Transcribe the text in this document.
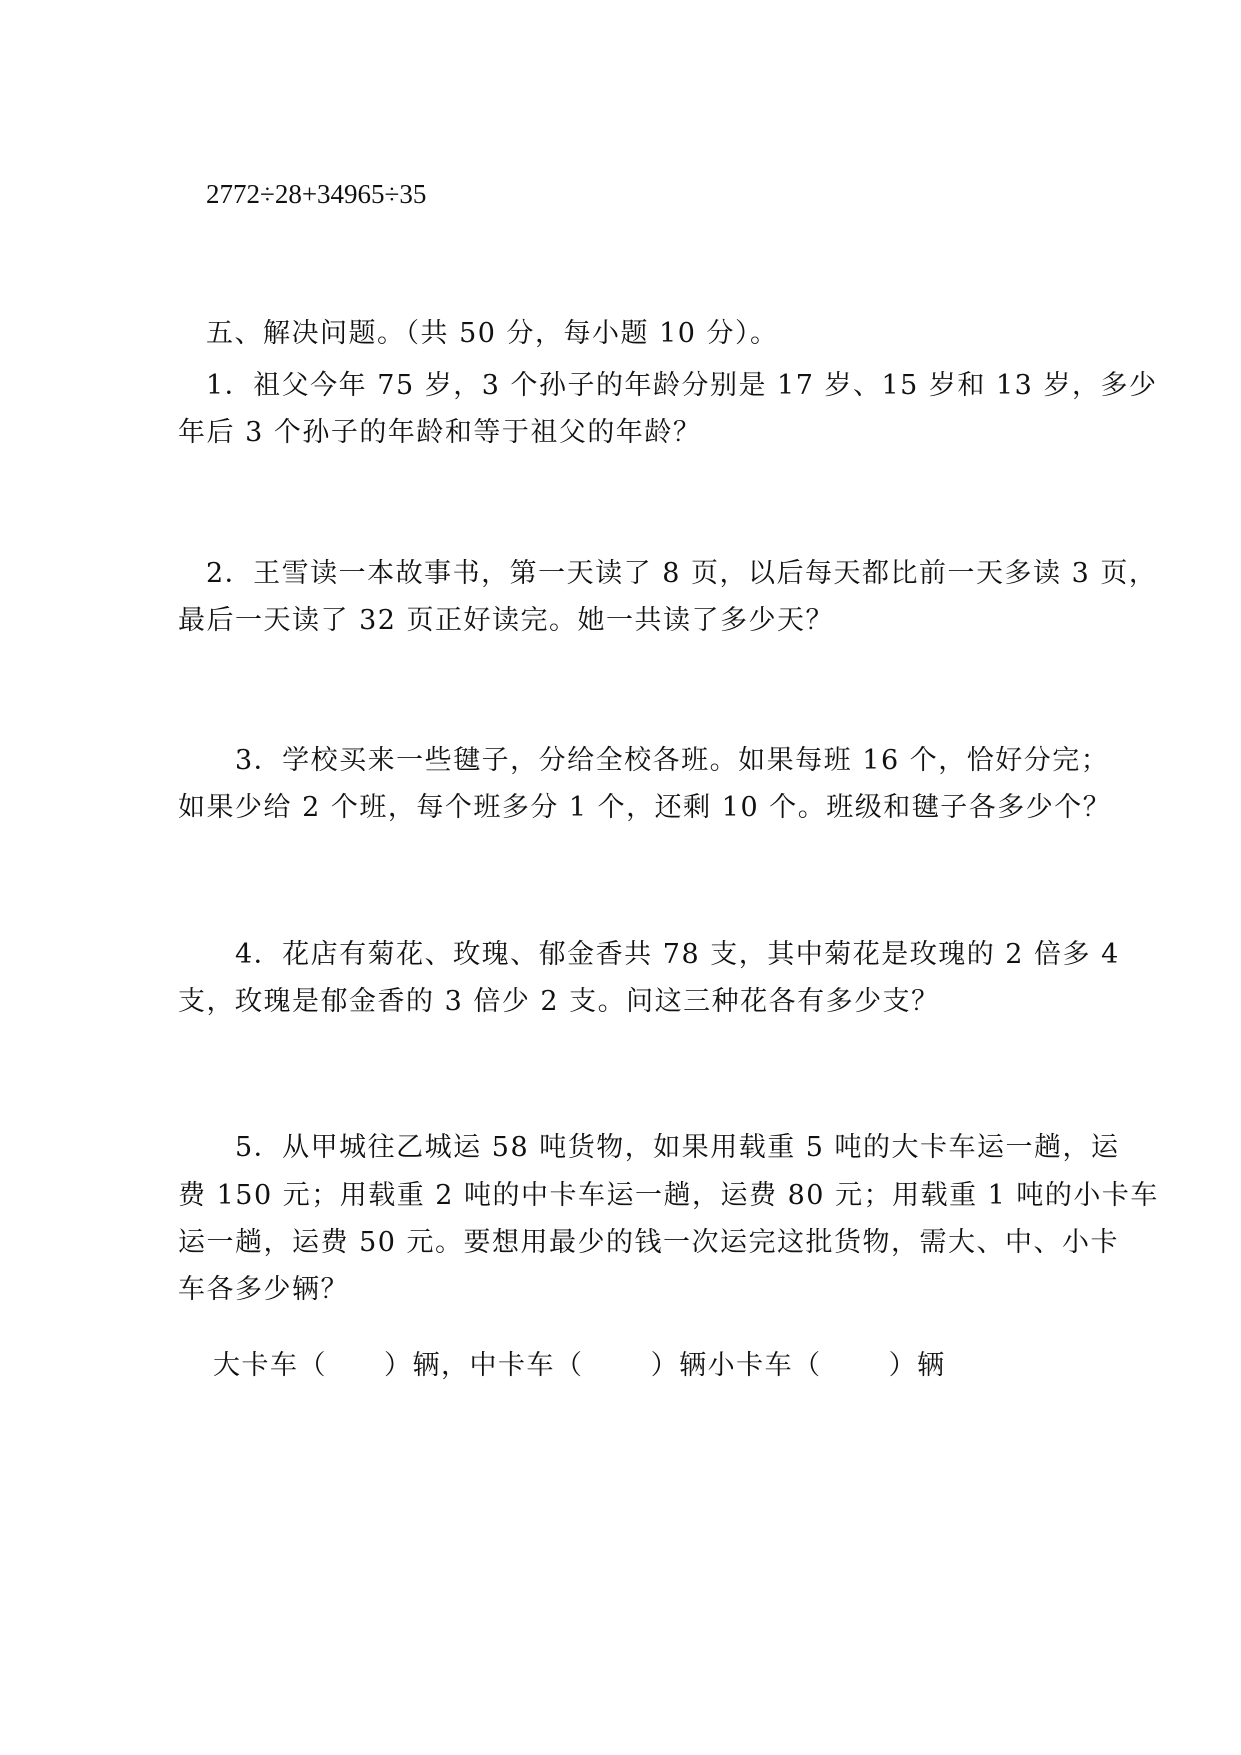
2772÷28+34965÷35
五、解决问题。（共 50 分，每小题 10 分）。
1．祖父今年 75 岁，3 个孙子的年龄分别是 17 岁、15 岁和 13 岁，多少
年后 3 个孙子的年龄和等于祖父的年龄？
2．王雪读一本故事书，第一天读了 8 页，以后每天都比前一天多读 3 页，
最后一天读了 32 页正好读完。她一共读了多少天？
3．学校买来一些毽子，分给全校各班。如果每班 16 个，恰好分完；
如果少给 2 个班，每个班多分 1 个，还剩 10 个。班级和毽子各多少个？
4．花店有菊花、玫瑰、郁金香共 78 支，其中菊花是玫瑰的 2 倍多 4
支，玫瑰是郁金香的 3 倍少 2 支。问这三种花各有多少支？
5．从甲城往乙城运 58 吨货物，如果用载重 5 吨的大卡车运一趟，运
费 150 元；用载重 2 吨的中卡车运一趟，运费 80 元；用载重 1 吨的小卡车
运一趟，运费 50 元。要想用最少的钱一次运完这批货物，需大、中、小卡
车各多少辆？
大卡车（　　）辆，中卡车（　　 ）辆小卡车（　　 ）辆
